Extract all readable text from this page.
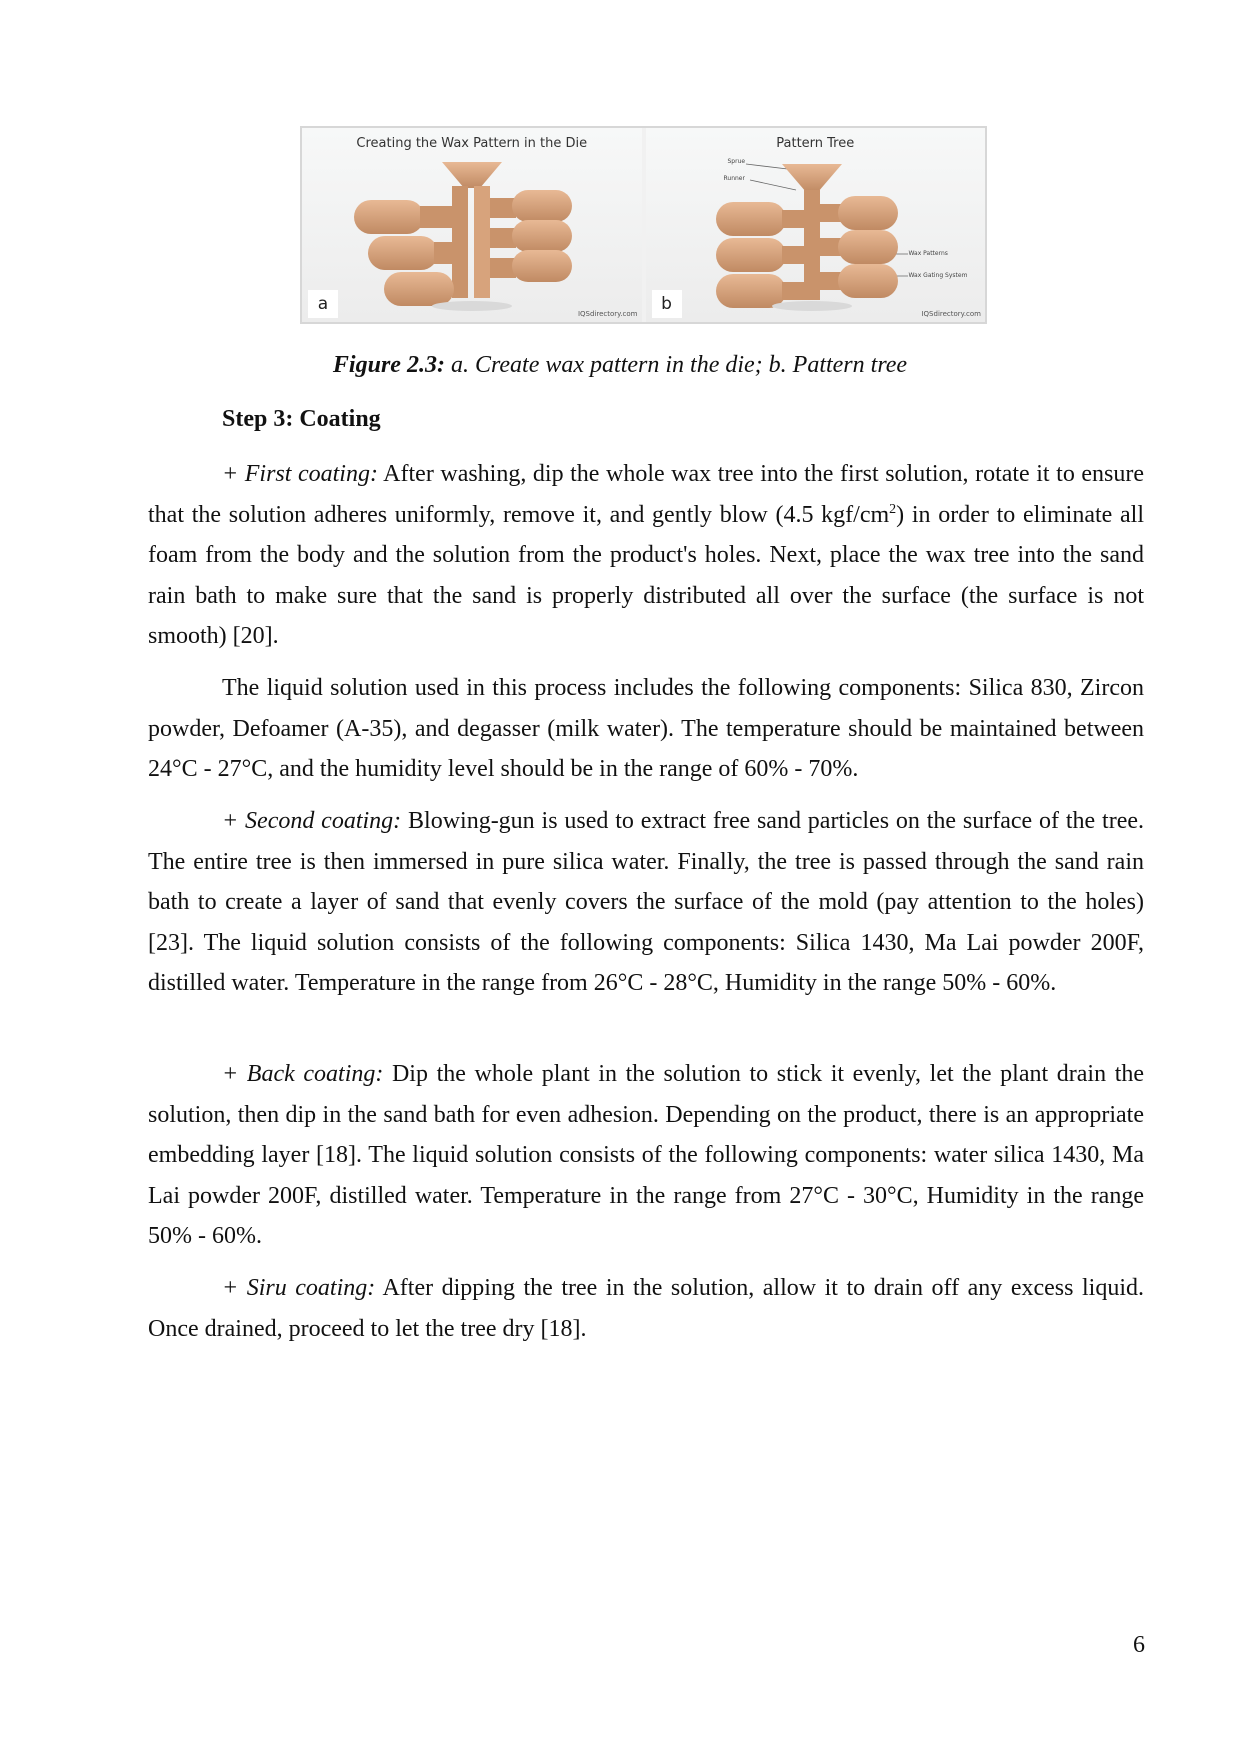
Creating the Wax Pattern in the Die
a	IQSdirectory.com
Pattern Tree
Sprue
Runner
Wax Patterns
Wax Gating System
b	IQSdirectory.com
Figure 2.3: a. Create wax pattern in the die; b. Pattern tree
Step 3: Coating

+ First coating: After washing, dip the whole wax tree into the first solution, rotate it to ensure that the solution adheres uniformly, remove it, and gently blow (4.5 kgf/$cm^2$) in order to eliminate all foam from the body and the solution from the product's holes. Next, place the wax tree into the sand rain bath to make sure that the sand is properly distributed all over the surface (the surface is not smooth) [20].

The liquid solution used in this process includes the following components: Silica 830, Zircon powder, Defoamer (A-35), and degasser (milk water). The temperature should be maintained between 24°C - 27°C, and the humidity level should be in the range of 60% - 70%.

+ Second coating: Blowing-gun is used to extract free sand particles on the surface of the tree. The entire tree is then immersed in pure silica water. Finally, the tree is passed through the sand rain bath to create a layer of sand that evenly covers the surface of the mold (pay attention to the holes) [23]. The liquid solution consists of the following components: Silica 1430, Ma Lai powder 200F, distilled water. Temperature in the range from 26°C - 28°C, Humidity in the range 50% - 60%.

+ Back coating: Dip the whole plant in the solution to stick it evenly, let the plant drain the solution, then dip in the sand bath for even adhesion. Depending on the product, there is an appropriate embedding layer [18]. The liquid solution consists of the following components: water silica 1430, Ma Lai powder 200F, distilled water. Temperature in the range from 27°C - 30°C, Humidity in the range 50% - 60%.

+ Siru coating: After dipping the tree in the solution, allow it to drain off any excess liquid. Once drained, proceed to let the tree dry [18].

6
